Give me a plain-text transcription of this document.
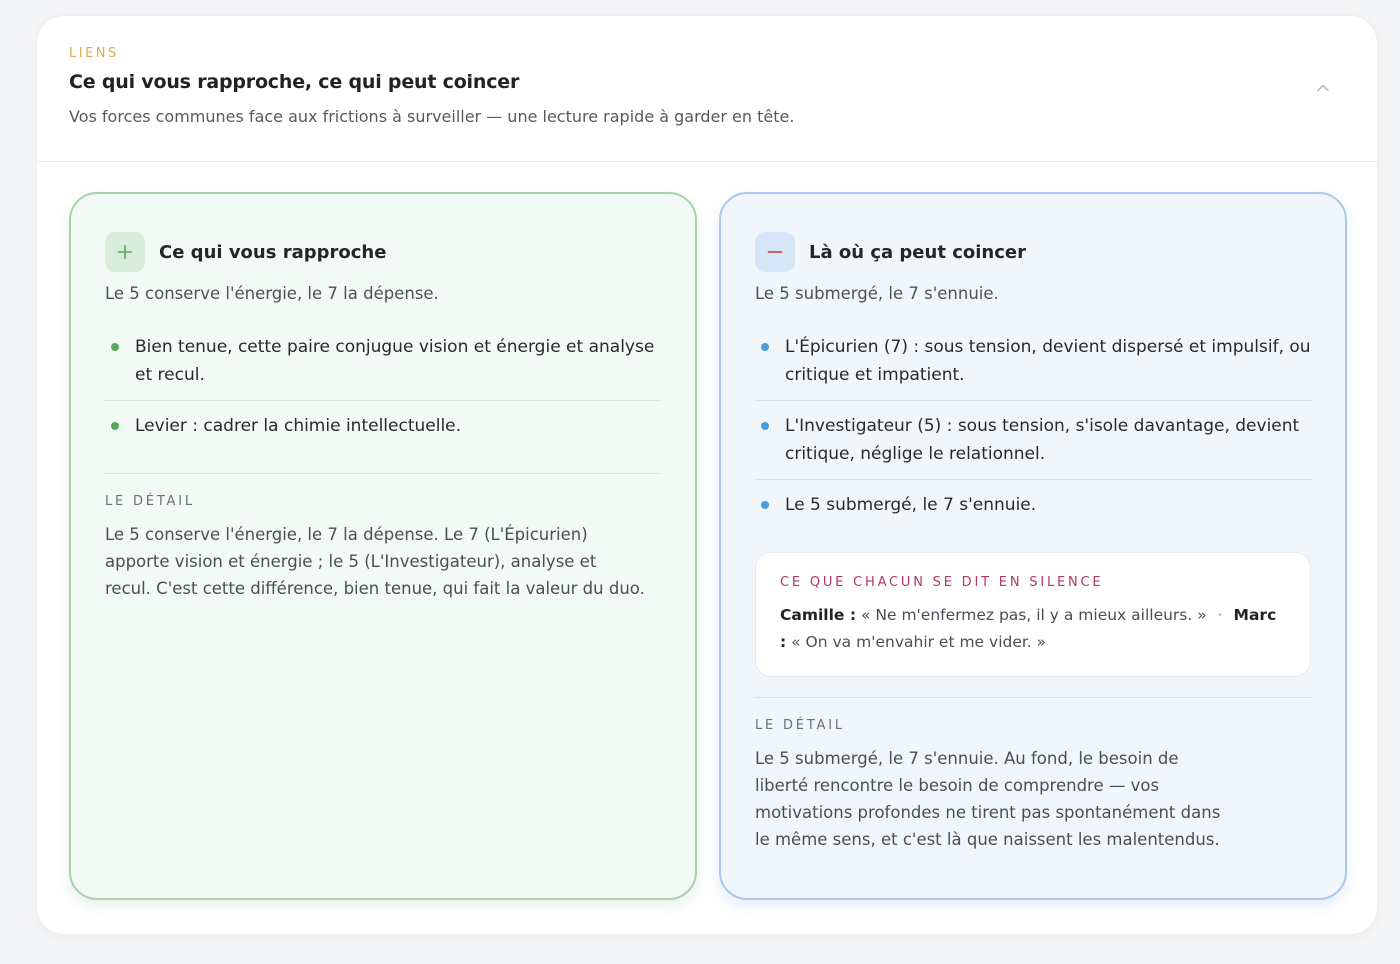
LIENS
Ce qui vous rapproche, ce qui peut coincer
Vos forces communes face aux frictions à surveiller — une lecture rapide à garder en tête.
Ce qui vous rapproche
Le 5 conserve l'énergie, le 7 la dépense.
Bien tenue, cette paire conjugue vision et énergie et analyse et recul.
Levier : cadrer la chimie intellectuelle.
LE DÉTAIL
Le 5 conserve l'énergie, le 7 la dépense. Le 7 (L'Épicurien) apporte vision et énergie ; le 5 (L'Investigateur), analyse et recul. C'est cette différence, bien tenue, qui fait la valeur du duo.
Là où ça peut coincer
Le 5 submergé, le 7 s'ennuie.
L'Épicurien (7) : sous tension, devient dispersé et impulsif, ou critique et impatient.
L'Investigateur (5) : sous tension, s'isole davantage, devient critique, néglige le relationnel.
Le 5 submergé, le 7 s'ennuie.
CE QUE CHACUN SE DIT EN SILENCE
Camille : « Ne m'enfermez pas, il y a mieux ailleurs. » · Marc : « On va m'envahir et me vider. »
LE DÉTAIL
Le 5 submergé, le 7 s'ennuie. Au fond, le besoin de liberté rencontre le besoin de comprendre — vos motivations profondes ne tirent pas spontanément dans le même sens, et c'est là que naissent les malentendus.
